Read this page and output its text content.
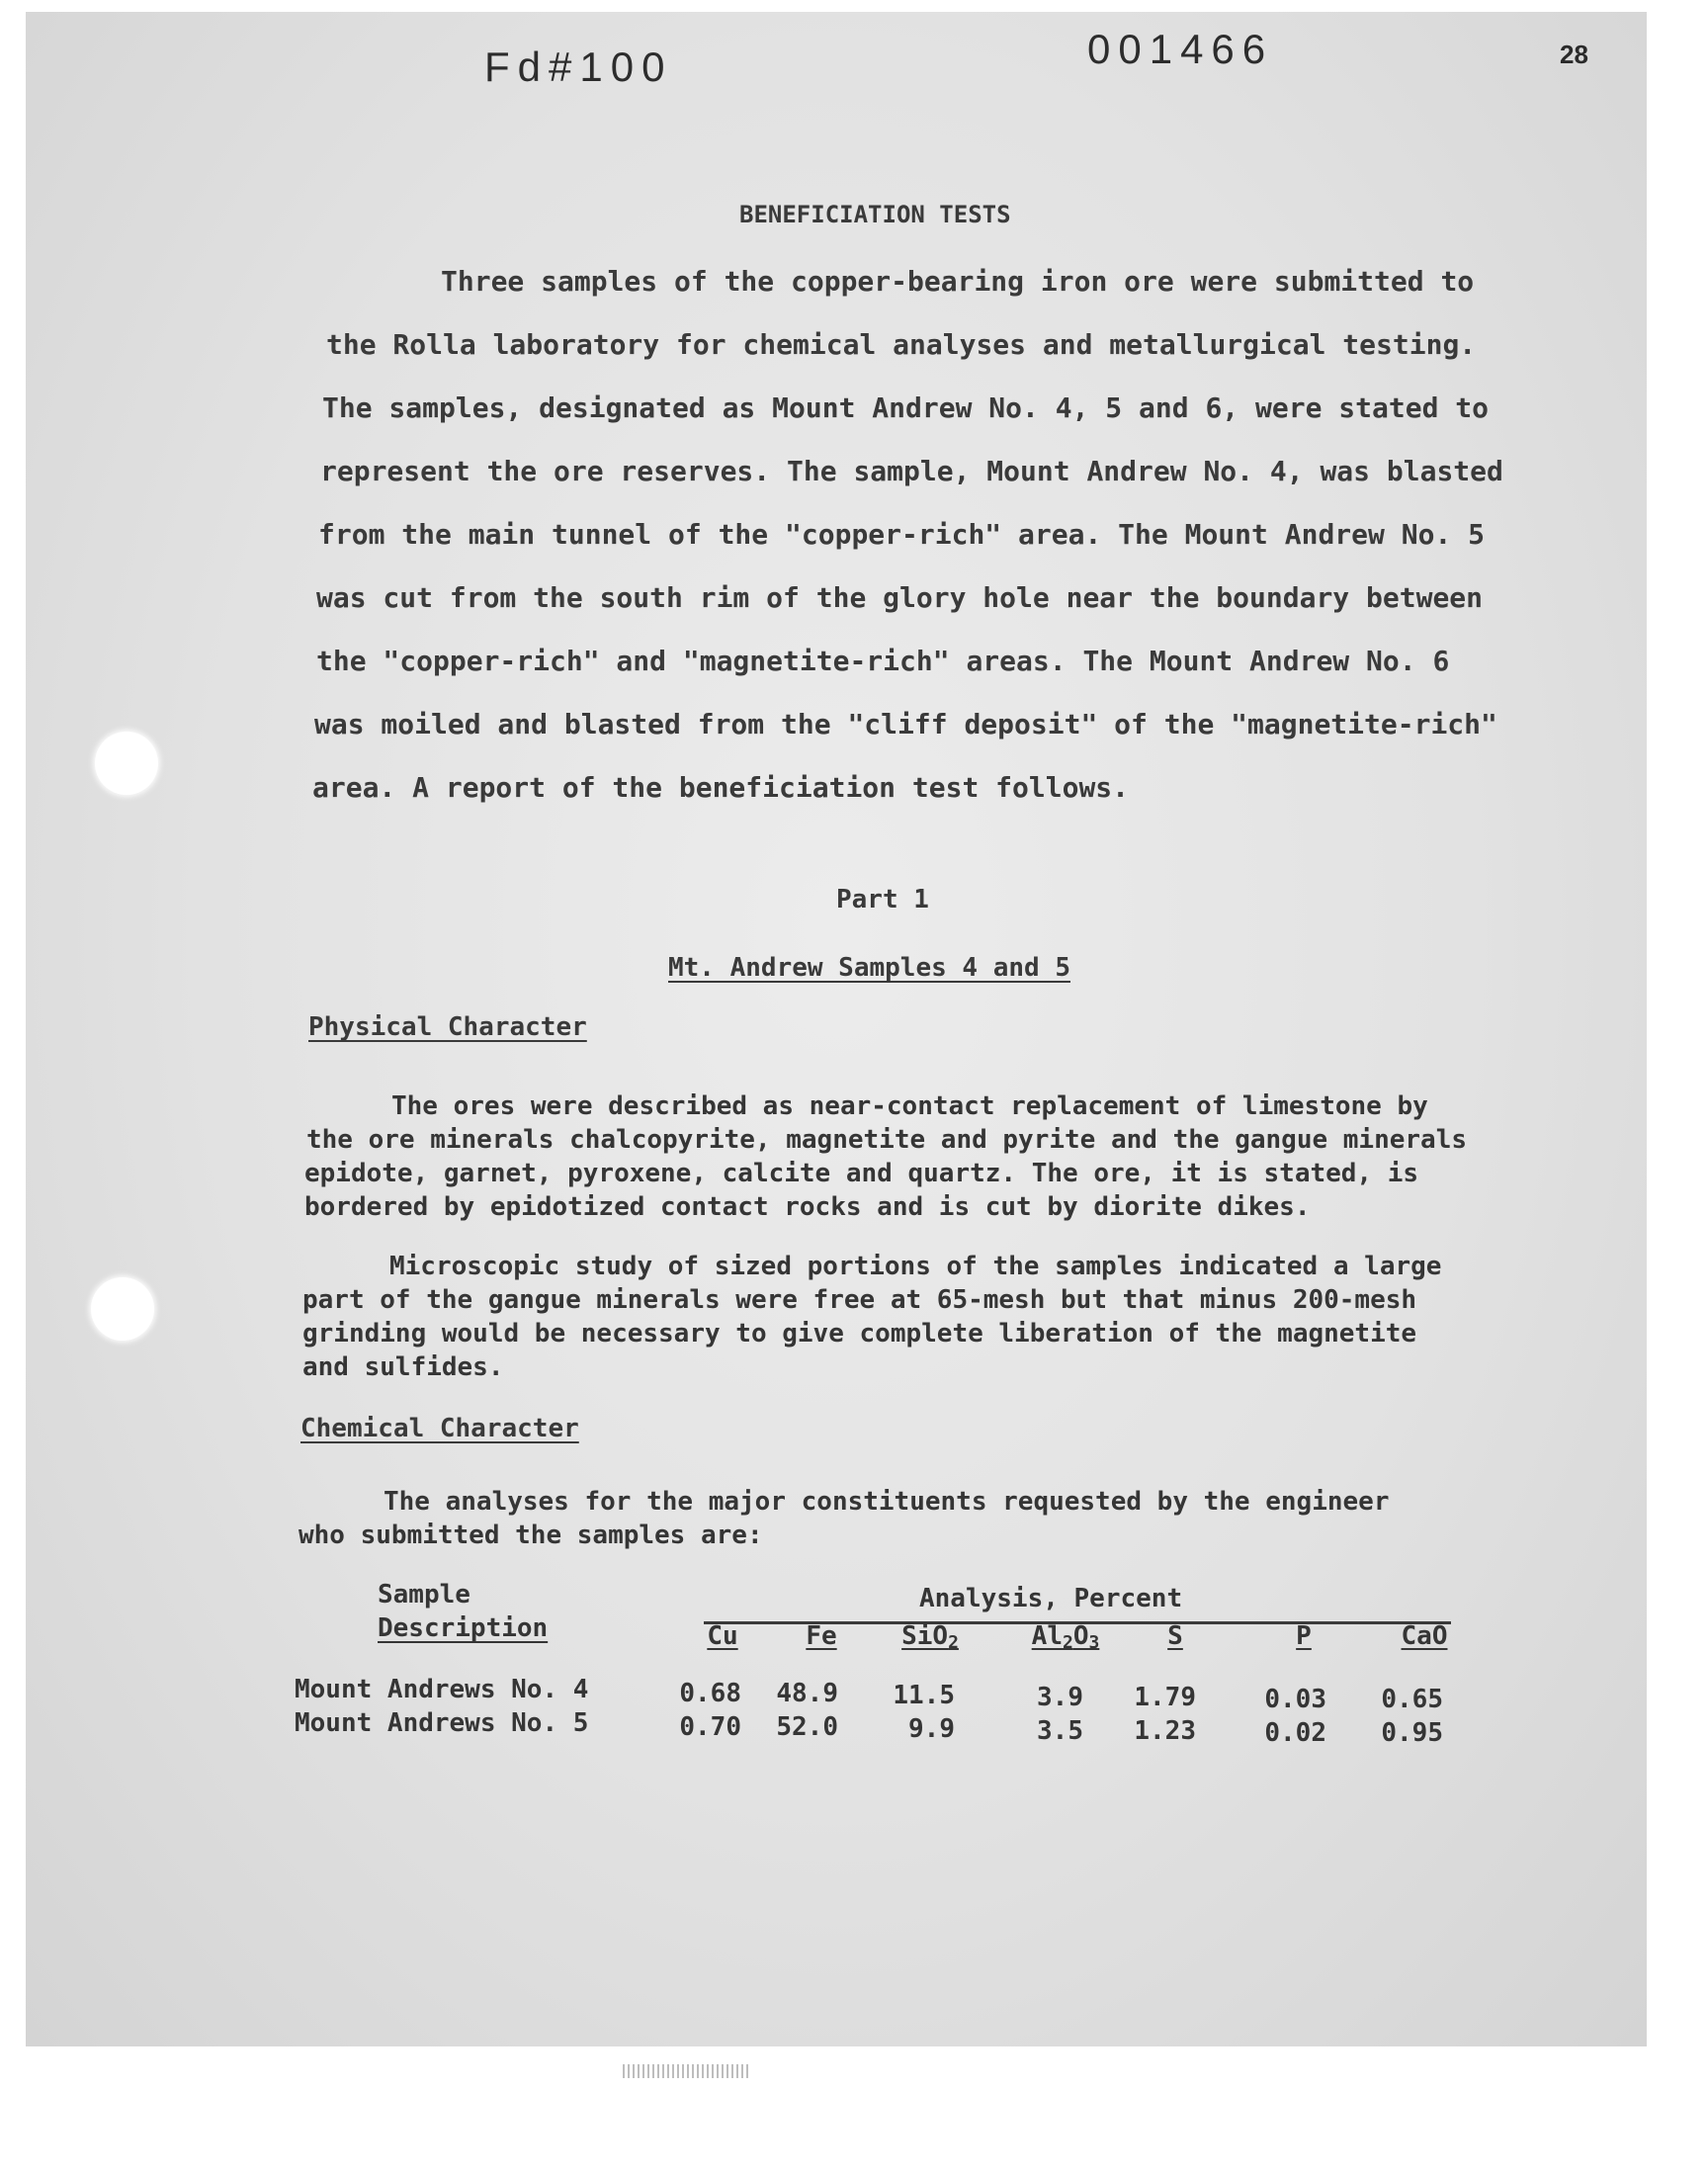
Fd#100	001466	28
BENEFICIATION TESTS
Three samples of the copper-bearing iron ore were submitted to
the Rolla laboratory for chemical analyses and metallurgical testing.
The samples, designated as Mount Andrew No. 4, 5 and 6, were stated to
represent the ore reserves. The sample, Mount Andrew No. 4, was blasted
from the main tunnel of the "copper-rich" area. The Mount Andrew No. 5
was cut from the south rim of the glory hole near the boundary between
the "copper-rich" and "magnetite-rich" areas. The Mount Andrew No. 6
was moiled and blasted from the "cliff deposit" of the "magnetite-rich"
area. A report of the beneficiation test follows.
Part 1
Mt. Andrew Samples 4 and 5
Physical Character
The ores were described as near-contact replacement of limestone by
the ore minerals chalcopyrite, magnetite and pyrite and the gangue minerals
epidote, garnet, pyroxene, calcite and quartz. The ore, it is stated, is
bordered by epidotized contact rocks and is cut by diorite dikes.
Microscopic study of sized portions of the samples indicated a large
part of the gangue minerals were free at 65-mesh but that minus 200-mesh
grinding would be necessary to give complete liberation of the magnetite
and sulfides.
Chemical Character
The analyses for the major constituents requested by the engineer
who submitted the samples are:
Sample
Description
Analysis, Percent
Cu	Fe	SiO$_2$	$Al_2O_3$	S	P	CaO
Mount Andrews No. 4	0.68	48.9	11.5	3.9	1.79	0.03	0.65
Mount Andrews No. 5	0.70	52.0	9.9	3.5	1.23	0.02	0.95
